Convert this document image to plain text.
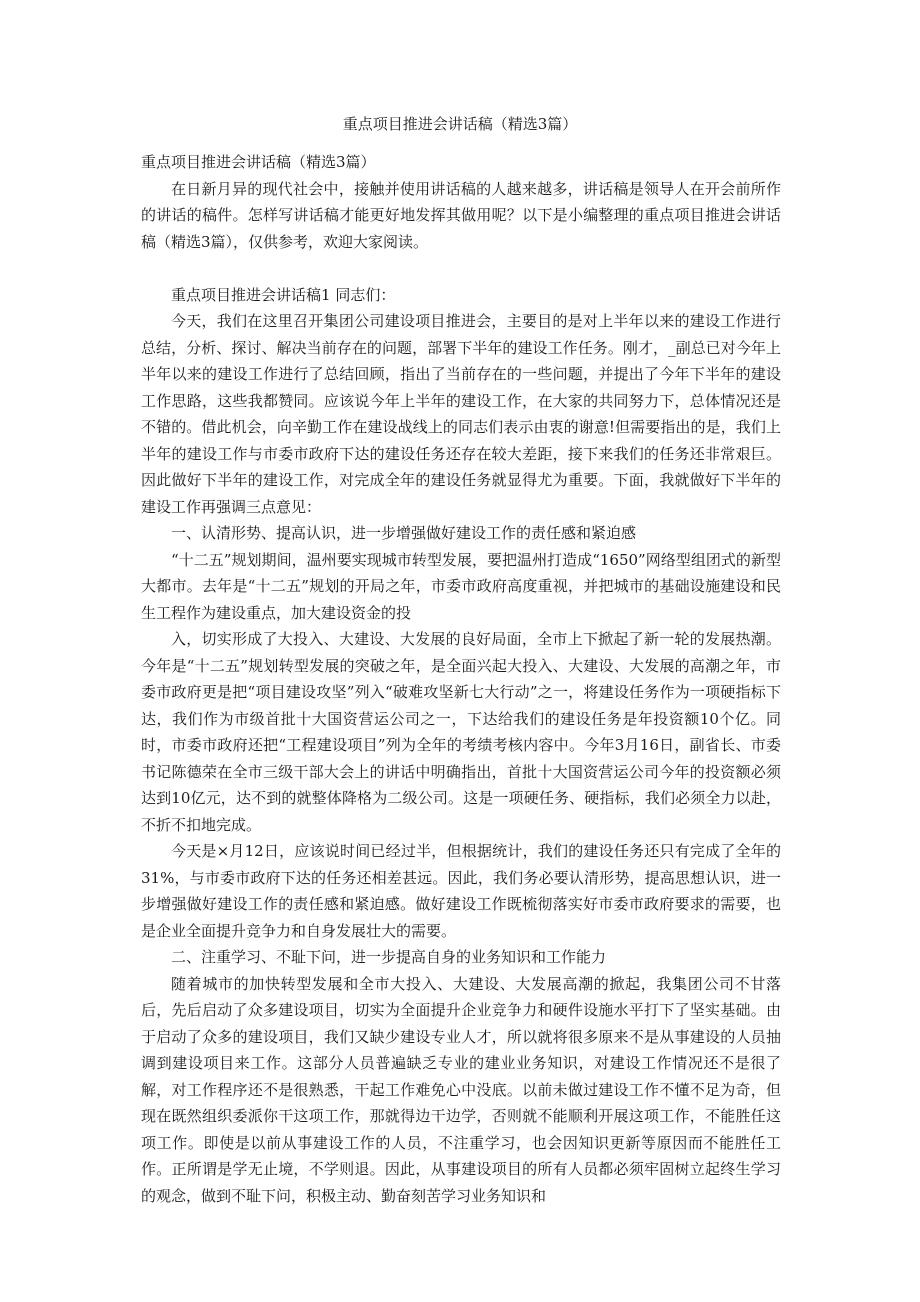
重点项目推进会讲话稿（精选3篇）

重点项目推进会讲话稿（精选3篇）

在日新月异的现代社会中，接触并使用讲话稿的人越来越多，讲话稿是领导人在开会前所作的讲话的稿件。怎样写讲话稿才能更好地发挥其做用呢？以下是小编整理的重点项目推进会讲话稿（精选3篇），仅供参考，欢迎大家阅读。

重点项目推进会讲话稿1 同志们：

今天，我们在这里召开集团公司建设项目推进会，主要目的是对上半年以来的建设工作进行总结，分析、探讨、解决当前存在的问题，部署下半年的建设工作任务。刚才，_副总已对今年上半年以来的建设工作进行了总结回顾，指出了当前存在的一些问题，并提出了今年下半年的建设工作思路，这些我都赞同。应该说今年上半年的建设工作，在大家的共同努力下，总体情况还是不错的。借此机会，向辛勤工作在建设战线上的同志们表示由衷的谢意!但需要指出的是，我们上半年的建设工作与市委市政府下达的建设任务还存在较大差距，接下来我们的任务还非常艰巨。因此做好下半年的建设工作，对完成全年的建设任务就显得尤为重要。下面，我就做好下半年的建设工作再强调三点意见：

一、认清形势、提高认识，进一步增强做好建设工作的责任感和紧迫感

“十二五”规划期间，温州要实现城市转型发展，要把温州打造成“1650”网络型组团式的新型大都市。去年是“十二五”规划的开局之年，市委市政府高度重视，并把城市的基础设施建设和民生工程作为建设重点，加大建设资金的投

入，切实形成了大投入、大建设、大发展的良好局面，全市上下掀起了新一轮的发展热潮。今年是“十二五”规划转型发展的突破之年，是全面兴起大投入、大建设、大发展的高潮之年，市委市政府更是把“项目建设攻坚”列入“破难攻坚新七大行动”之一，将建设任务作为一项硬指标下达，我们作为市级首批十大国资营运公司之一，下达给我们的建设任务是年投资额10个亿。同时，市委市政府还把“工程建设项目”列为全年的考绩考核内容中。今年3月16日，副省长、市委书记陈德荣在全市三级干部大会上的讲话中明确指出，首批十大国资营运公司今年的投资额必须达到10亿元，达不到的就整体降格为二级公司。这是一项硬任务、硬指标，我们必须全力以赴，不折不扣地完成。

今天是×月12日，应该说时间已经过半，但根据统计，我们的建设任务还只有完成了全年的31%，与市委市政府下达的任务还相差甚远。因此，我们务必要认清形势，提高思想认识，进一步增强做好建设工作的责任感和紧迫感。做好建设工作既梳彻落实好市委市政府要求的需要，也是企业全面提升竞争力和自身发展壮大的需要。

二、注重学习、不耻下问，进一步提高自身的业务知识和工作能力

随着城市的加快转型发展和全市大投入、大建设、大发展高潮的掀起，我集团公司不甘落后，先后启动了众多建设项目，切实为全面提升企业竞争力和硬件设施水平打下了坚实基础。由于启动了众多的建设项目，我们又缺少建设专业人才，所以就将很多原来不是从事建设的人员抽调到建设项目来工作。这部分人员普遍缺乏专业的建业业务知识，对建设工作情况还不是很了解，对工作程序还不是很熟悉，干起工作难免心中没底。以前未做过建设工作不懂不足为奇，但现在既然组织委派你干这项工作，那就得边干边学，否则就不能顺利开展这项工作，不能胜任这项工作。即使是以前从事建设工作的人员，不注重学习，也会因知识更新等原因而不能胜任工作。正所谓是学无止境，不学则退。因此，从事建设项目的所有人员都必须牢固树立起终生学习的观念，做到不耻下问，积极主动、勤奋刻苦学习业务知识和
